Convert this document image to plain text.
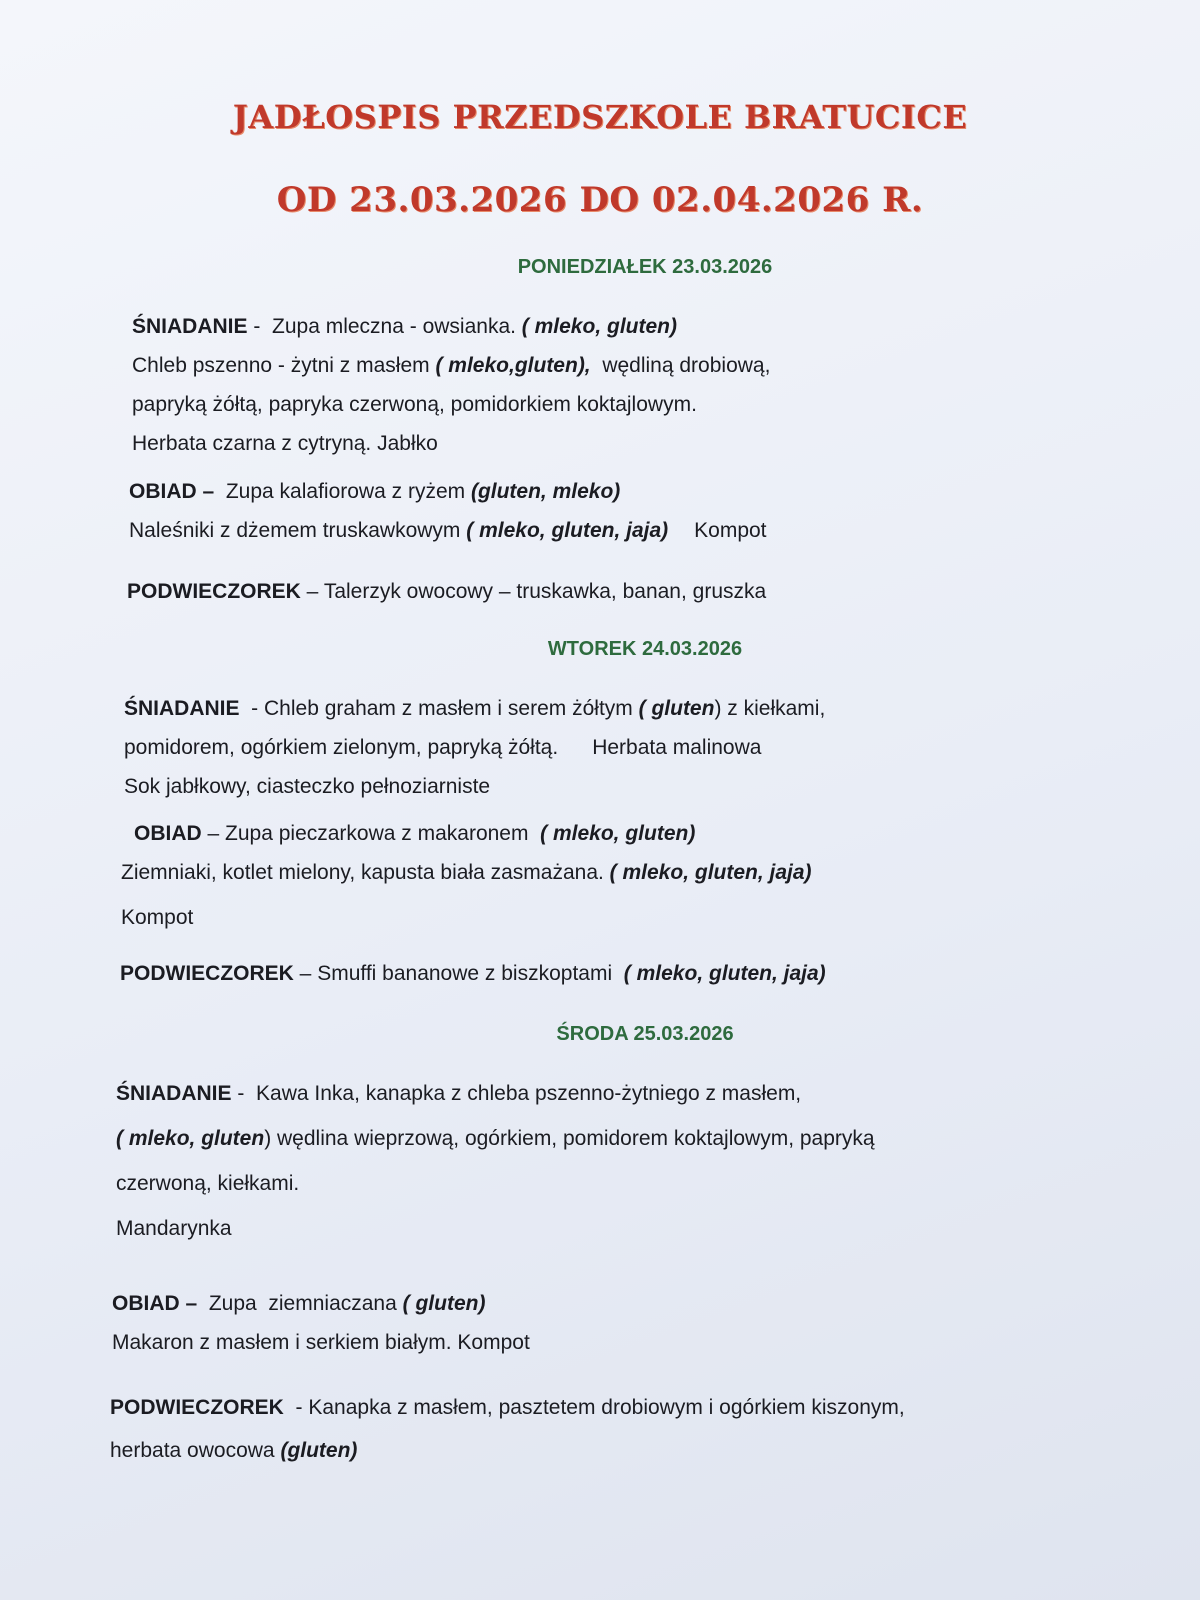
JADŁOSPIS PRZEDSZKOLE BRATUCICE
OD 23.03.2026 DO 02.04.2026 R.
PONIEDZIAŁEK 23.03.2026
ŚNIADANIE -  Zupa mleczna - owsianka. ( mleko, gluten)
Chleb pszenno - żytni z masłem ( mleko,gluten),  wędliną drobiową,
papryką żółtą, papryka czerwoną, pomidorkiem koktajlowym.
Herbata czarna z cytryną. Jabłko
OBIAD – Zupa kalafiorowa z ryżem (gluten, mleko)
Naleśniki z dżemem truskawkowym ( mleko, gluten, jaja) Kompot
PODWIECZOREK – Talerzyk owocowy – truskawka, banan, gruszka
WTOREK 24.03.2026
ŚNIADANIE  - Chleb graham z masłem i serem żółtym ( gluten) z kiełkami,
pomidorem, ogórkiem zielonym, papryką żółtą. Herbata malinowa
Sok jabłkowy, ciasteczko pełnoziarniste
OBIAD – Zupa pieczarkowa z makaronem  ( mleko, gluten)
Ziemniaki, kotlet mielony, kapusta biała zasmażana. ( mleko, gluten, jaja)
Kompot
PODWIECZOREK – Smuffi bananowe z biszkoptami  ( mleko, gluten, jaja)
ŚRODA 25.03.2026
ŚNIADANIE -  Kawa Inka, kanapka z chleba pszenno-żytniego z masłem,
( mleko, gluten) wędlina wieprzową, ogórkiem, pomidorem koktajlowym, papryką
czerwoną, kiełkami.
Mandarynka
OBIAD – Zupa  ziemniaczana ( gluten)
Makaron z masłem i serkiem białym. Kompot
PODWIECZOREK  - Kanapka z masłem, pasztetem drobiowym i ogórkiem kiszonym,
herbata owocowa (gluten)
